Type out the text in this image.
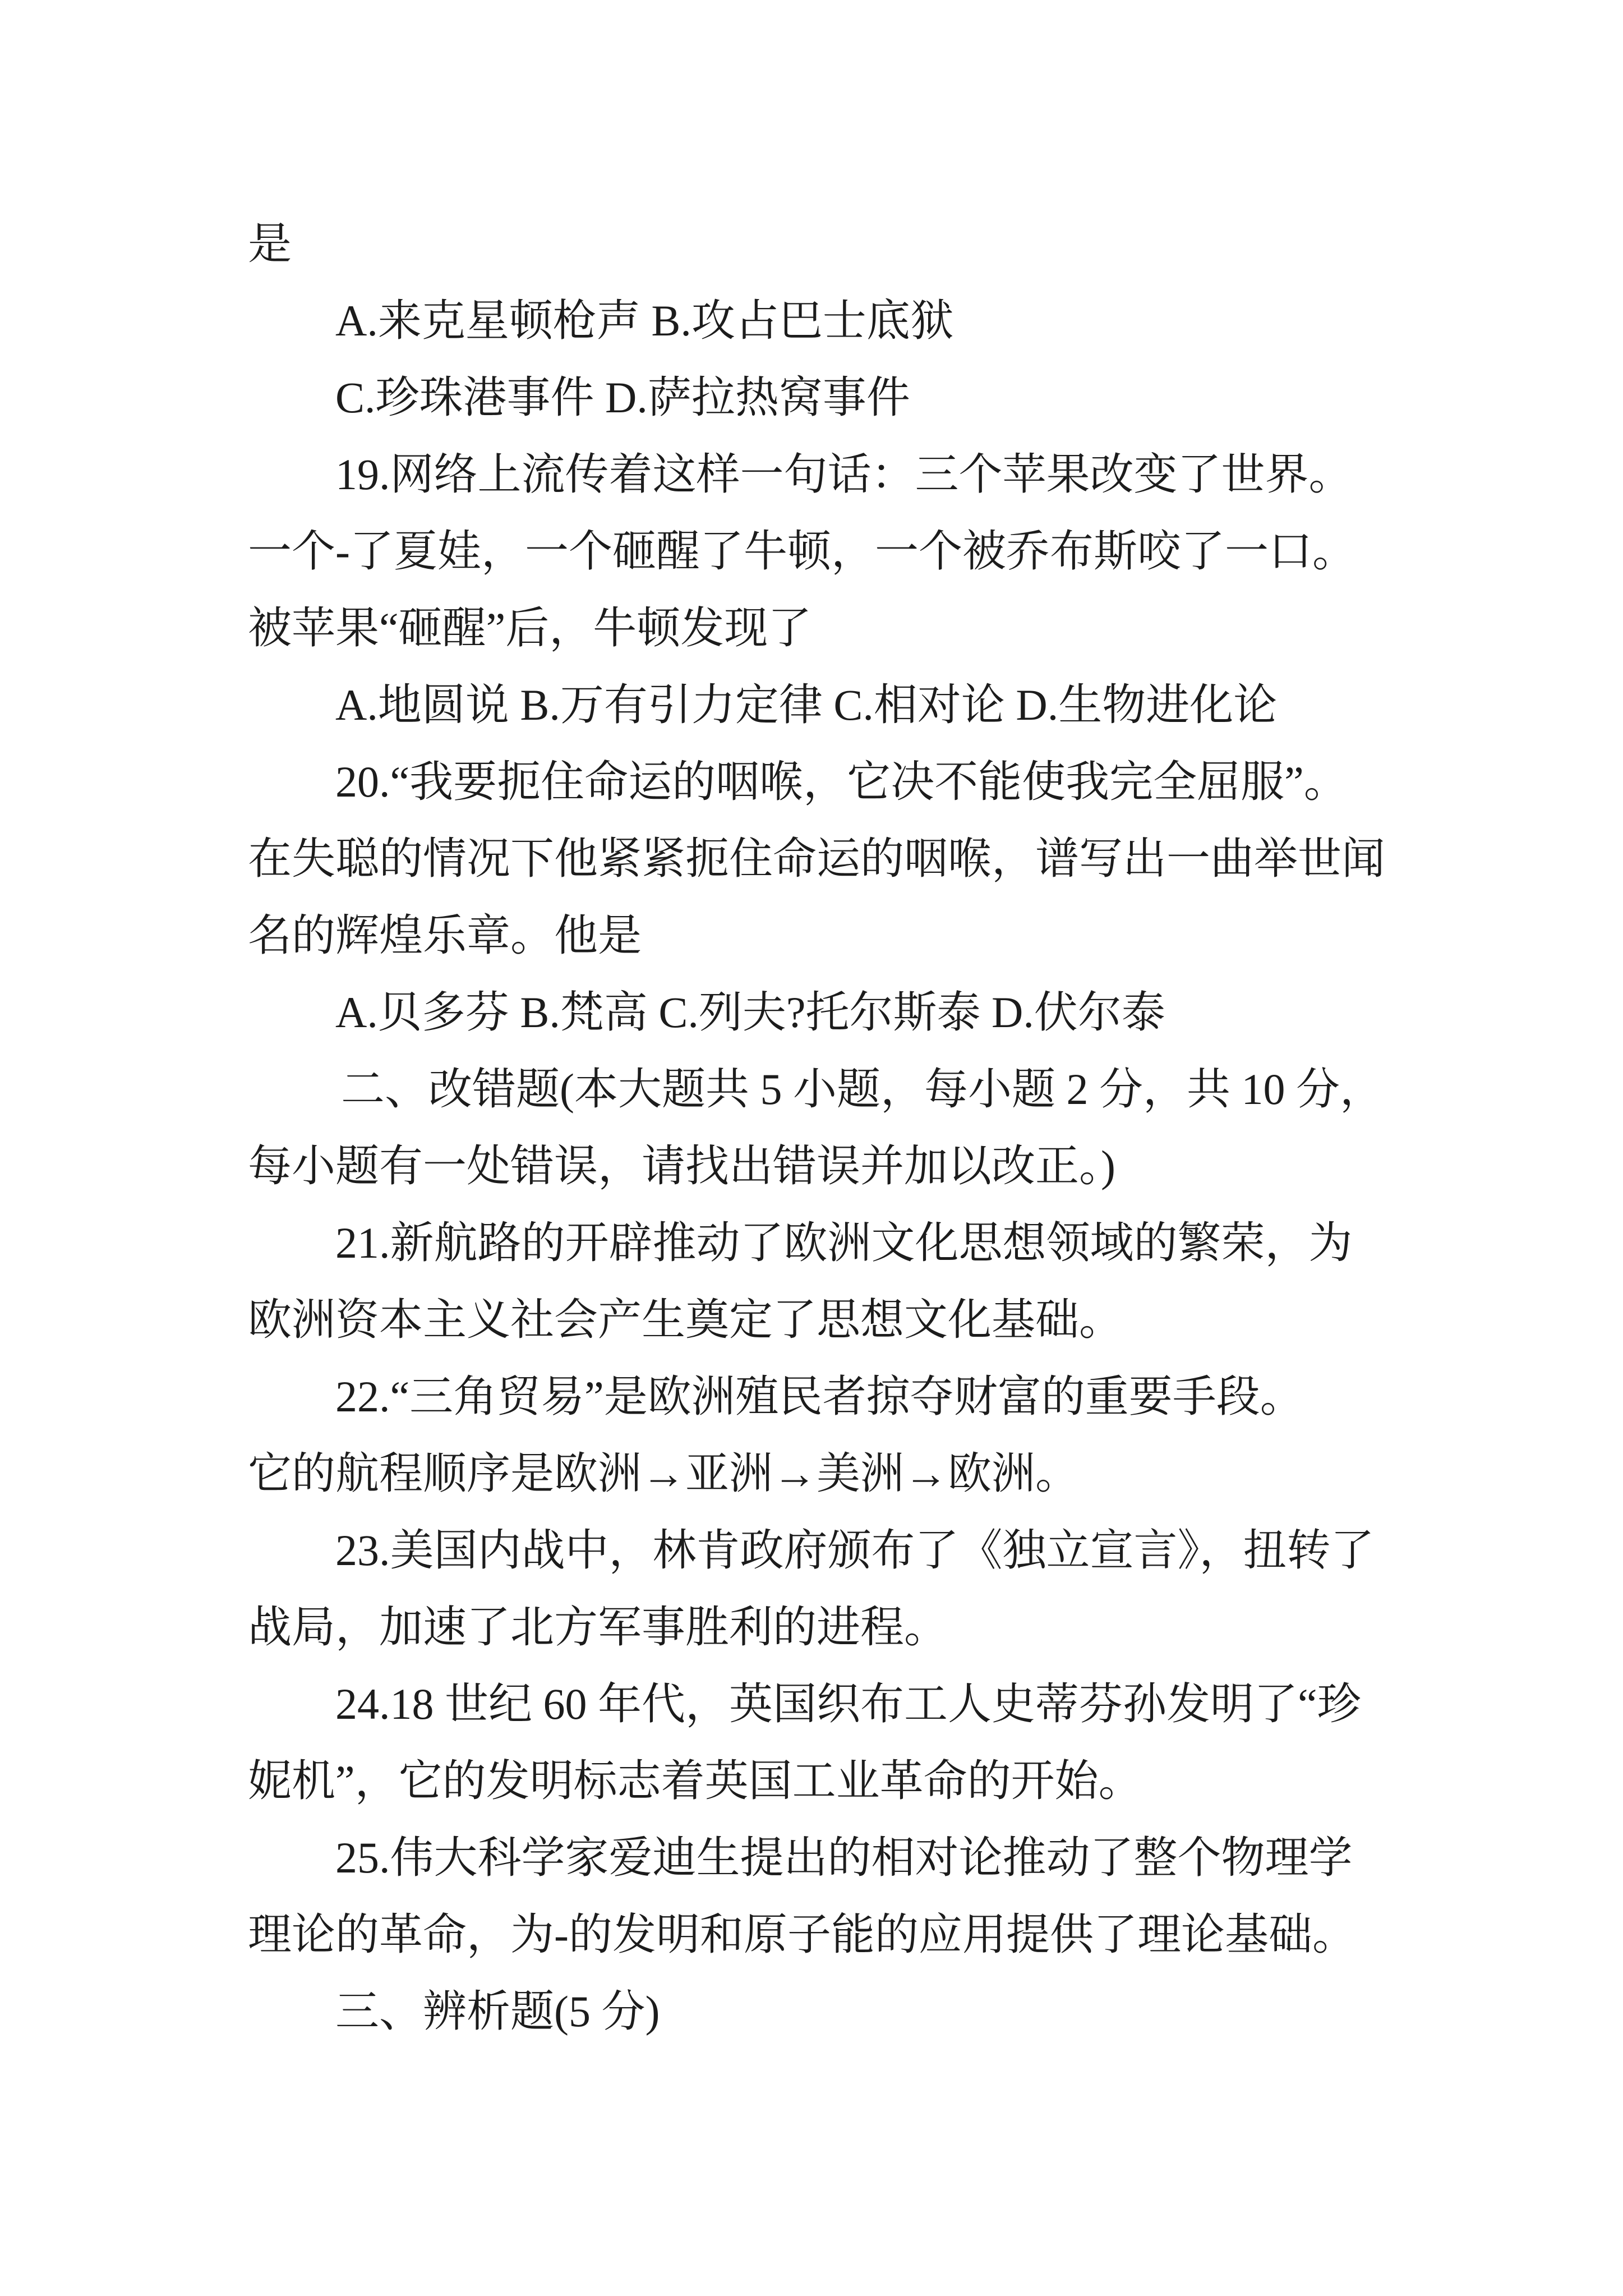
是
A.来克星顿枪声 B.攻占巴士底狱
C.珍珠港事件 D.萨拉热窝事件
19.网络上流传着这样一句话：三个苹果改变了世界。
一个-了夏娃，一个砸醒了牛顿，一个被乔布斯咬了一口。
被苹果“砸醒”后，牛顿发现了
A.地圆说 B.万有引力定律 C.相对论 D.生物进化论
20.“我要扼住命运的咽喉，它决不能使我完全屈服”。
在失聪的情况下他紧紧扼住命运的咽喉，谱写出一曲举世闻
名的辉煌乐章。他是
A.贝多芬 B.梵高 C.列夫?托尔斯泰 D.伏尔泰
二、改错题(本大题共 5 小题，每小题 2 分，共 10 分，
每小题有一处错误，请找出错误并加以改正。)
21.新航路的开辟推动了欧洲文化思想领域的繁荣，为
欧洲资本主义社会产生奠定了思想文化基础。
22.“三角贸易”是欧洲殖民者掠夺财富的重要手段。
它的航程顺序是欧洲→亚洲→美洲→欧洲。
23.美国内战中，林肯政府颁布了《独立宣言》，扭转了
战局，加速了北方军事胜利的进程。
24.18 世纪 60 年代，英国织布工人史蒂芬孙发明了“珍
妮机”，它的发明标志着英国工业革命的开始。
25.伟大科学家爱迪生提出的相对论推动了整个物理学
理论的革命，为-的发明和原子能的应用提供了理论基础。
三、辨析题(5 分)
